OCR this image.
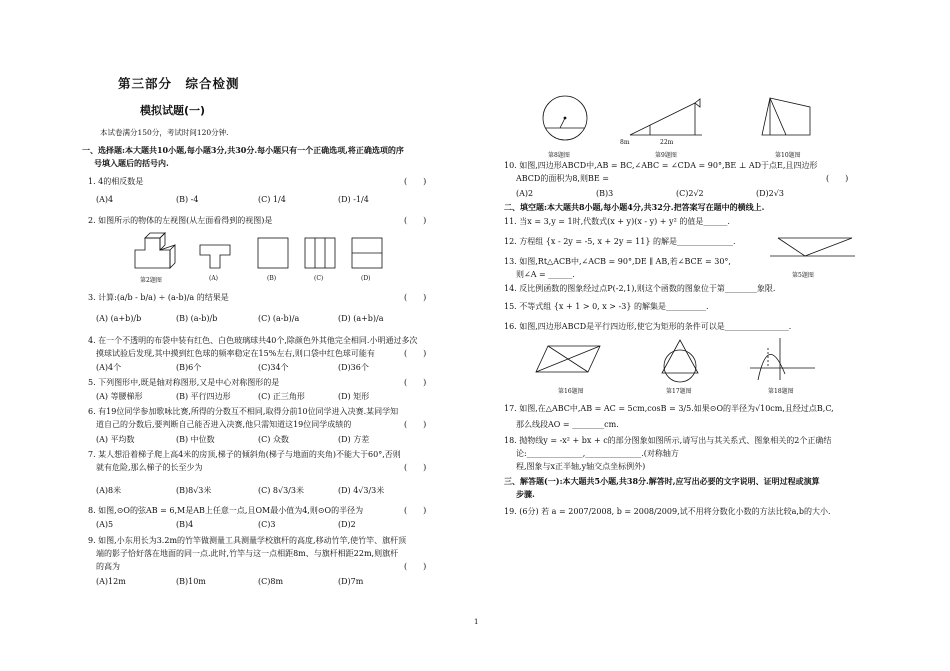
第三部分　综合检测
模拟试题(一)
本试卷满分150分，考试时间120分钟.
一、选择题:本大题共10小题,每小题3分,共30分.每小题只有一个正确选项,将正确选项的序
号填入题后的括号内.
1. 4的相反数是	(　　)
(A)4	(B) -4	(C) 1/4	(D) -1/4
2. 如图所示的物体的左视图(从左面看得到的视图)是	(　　)
第2题图	(A)	(B)	(C)	(D)
3. 计算:(a/b - b/a) ÷ (a-b)/a 的结果是	(　　)
(A) (a+b)/b	(B) (a-b)/b	(C) (a-b)/a	(D) (a+b)/a
4. 在一个不透明的布袋中装有红色、白色玻璃球共40个,除颜色外其他完全相同.小明通过多次
摸球试验后发现,其中摸到红色球的频率稳定在15%左右,则口袋中红色球可能有	(　　)
(A)4个	(B)6个	(C)34个	(D)36个
5. 下列图形中,既是轴对称图形,又是中心对称图形的是	(　　)
(A) 等腰梯形	(B) 平行四边形	(C) 正三角形	(D) 矩形
6. 有19位同学参加歌咏比赛,所得的分数互不相同,取得分前10位同学进入决赛.某同学知
道自己的分数后,要判断自己能否进入决赛,他只需知道这19位同学成绩的	(　　)
(A) 平均数	(B) 中位数	(C) 众数	(D) 方差
7. 某人想沿着梯子爬上高4米的房顶,梯子的倾斜角(梯子与地面的夹角)不能大于60°,否则
就有危险,那么梯子的长至少为	(　　)
(A)8米	(B)8√3米	(C) 8√3/3米	(D) 4√3/3米
8. 如图,⊙O的弦AB = 6,M是AB上任意一点,且OM最小值为4,则⊙O的半径为	(　　)
(A)5	(B)4	(C)3	(D)2
9. 如图,小东用长为3.2m的竹竿做测量工具测量学校旗杆的高度,移动竹竿,使竹竿、旗杆顶
端的影子恰好落在地面的同一点.此时,竹竿与这一点相距8m、与旗杆相距22m,则旗杆
的高为	(　　)
(A)12m	(B)10m	(C)8m	(D)7m
8m	22m
第8题图	第9题图	第10题图
10. 如图,四边形ABCD中,AB = BC,∠ABC = ∠CDA = 90°,BE ⊥ AD于点E,且四边形
ABCD的面积为8,则BE =	(　　)
(A)2	(B)3	(C)2√2	(D)2√3
二、填空题:本大题共8小题,每小题4分,共32分.把答案写在题中的横线上.
11. 当x = 3,y = 1时,代数式(x + y)(x - y) + y² 的值是______.
12. 方程组 {x - 2y = -5, x + 2y = 11} 的解是______________.
13. 如图,Rt△ACB中,∠ACB = 90°,DE ∥ AB,若∠BCE = 30°,
则∠A = ______.	第5题图
14. 反比例函数的图象经过点P(-2,1),则这个函数的图象位于第________象限.
15. 不等式组 {x + 1 > 0, x > -3} 的解集是__________.
16. 如图,四边形ABCD是平行四边形,使它为矩形的条件可以是________________.
第16题图	第17题图	第18题图
17. 如图,在△ABC中,AB = AC = 5cm,cosB = 3/5.如果⊙O的半径为√10cm,且经过点B,C,
那么线段AO = ________cm.
18. 抛物线y = -x² + bx + c的部分图象如图所示,请写出与其关系式、图象相关的2个正确结
论:______________,______________.(对称轴方
程,图象与x正半轴,y轴交点坐标例外)
三、解答题(一):本大题共5小题,共38分.解答时,应写出必要的文字说明、证明过程或演算
步骤.
19. (6分) 若 a = 2007/2008, b = 2008/2009,试不用将分数化小数的方法比较a,b的大小.
1
